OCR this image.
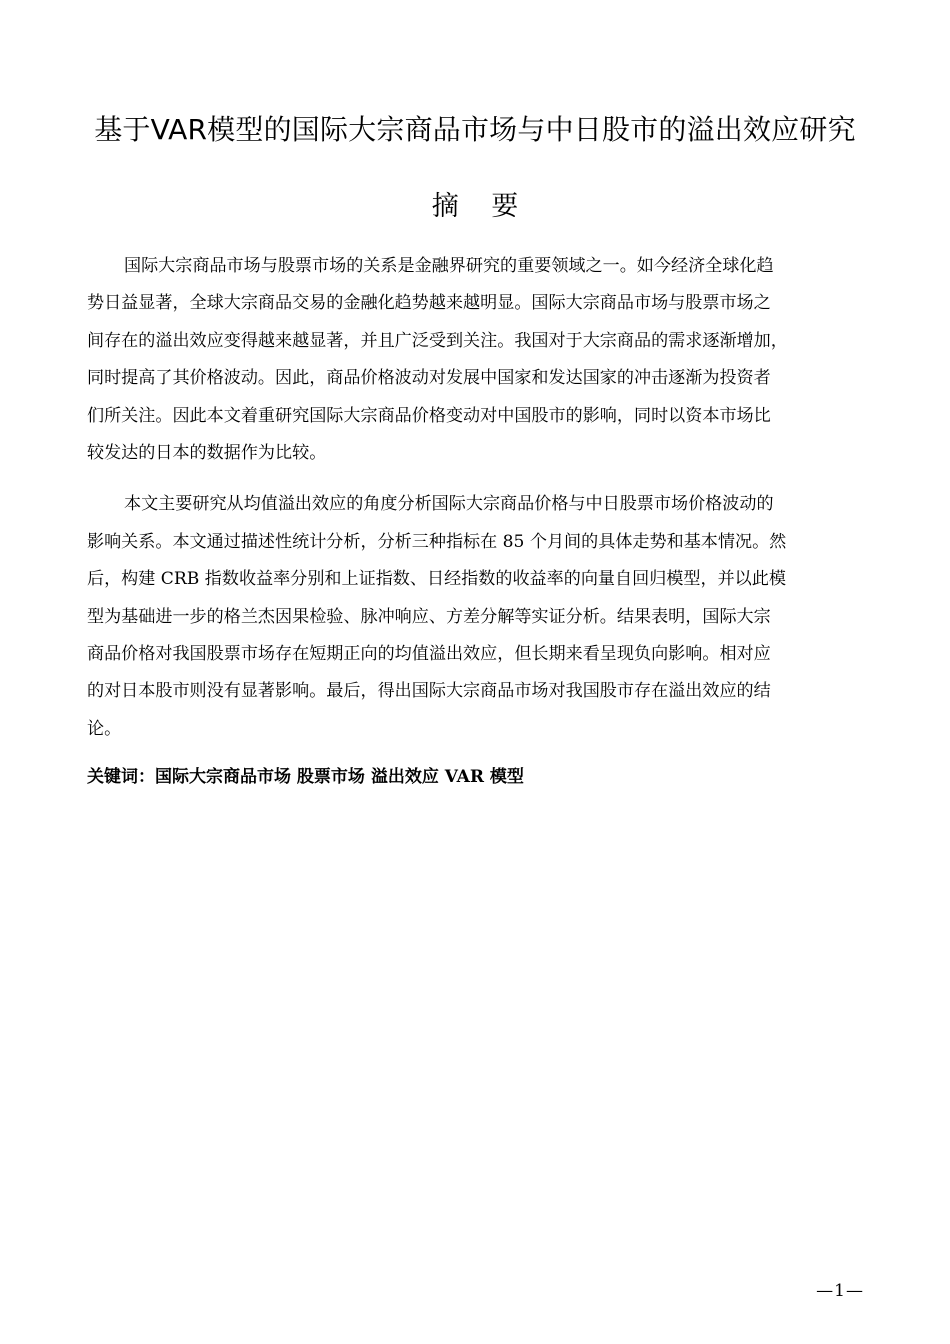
基于VAR模型的国际大宗商品市场与中日股市的溢出效应研究
摘 要

国际大宗商品市场与股票市场的关系是金融界研究的重要领域之一。如今经济全球化趋
势日益显著，全球大宗商品交易的金融化趋势越来越明显。国际大宗商品市场与股票市场之
间存在的溢出效应变得越来越显著，并且广泛受到关注。我国对于大宗商品的需求逐渐增加，
同时提高了其价格波动。因此，商品价格波动对发展中国家和发达国家的冲击逐渐为投资者
们所关注。因此本文着重研究国际大宗商品价格变动对中国股市的影响，同时以资本市场比
较发达的日本的数据作为比较。

本文主要研究从均值溢出效应的角度分析国际大宗商品价格与中日股票市场价格波动的
影响关系。本文通过描述性统计分析，分析三种指标在 85 个月间的具体走势和基本情况。然
后，构建 CRB 指数收益率分别和上证指数、日经指数的收益率的向量自回归模型，并以此模
型为基础进一步的格兰杰因果检验、脉冲响应、方差分解等实证分析。结果表明，国际大宗
商品价格对我国股票市场存在短期正向的均值溢出效应，但长期来看呈现负向影响。相对应
的对日本股市则没有显著影响。最后，得出国际大宗商品市场对我国股市存在溢出效应的结
论。

关键词：国际大宗商品市场 股票市场 溢出效应 VAR 模型

—1—
